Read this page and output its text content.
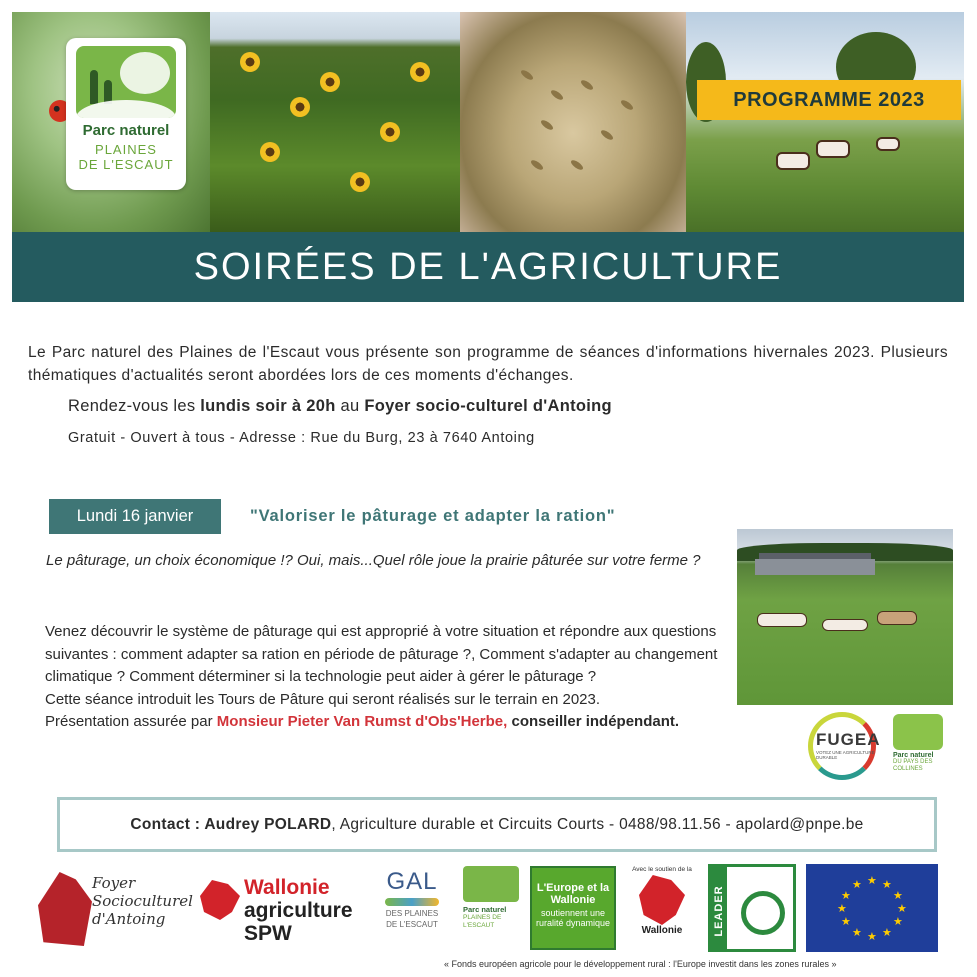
Parc naturel
PLAINES
DE L'ESCAUT
PROGRAMME 2023
SOIRÉES DE L'AGRICULTURE

Le Parc naturel des Plaines de l'Escaut vous présente son programme de séances d'informations hivernales 2023. Plusieurs thématiques d'actualités seront abordées lors de ces moments d'échanges.

Rendez-vous les lundis soir à 20h au Foyer socio-culturel d'Antoing

Gratuit - Ouvert à tous - Adresse : Rue du Burg, 23 à 7640 Antoing

Lundi 16 janvier	"Valoriser le pâturage et adapter la ration"

Le pâturage, un choix économique !? Oui, mais...Quel rôle joue la prairie pâturée sur votre ferme ?

Venez découvrir le système de pâturage qui est approprié à votre situation et répondre aux questions suivantes : comment adapter sa ration en période de pâturage ?, Comment s'adapter au changement climatique ? Comment déterminer si la technologie peut aider à gérer le pâturage ?

Cette séance introduit les Tours de Pâture qui seront réalisés sur le terrain en 2023.

Présentation assurée par Monsieur Pieter Van Rumst d'Obs'Herbe, conseiller indépendant.

FUGEA
VOTEZ UNE AGRICULTURE DURABLE	Parc naturel
DU PAYS DES COLLINES
Contact : Audrey POLARD, Agriculture durable et Circuits Courts - 0488/98.11.56 - apolard@pnpe.be
Foyer Socioculturel d'Antoing
Wallonie
agriculture
SPW
GAL
DES PLAINES DE L'ESCAUT
Parc naturel
PLAINES DE L'ESCAUT
L'Europe et la Wallonie
soutiennent une ruralité dynamique
Avec le soutien de la
Wallonie	LEADER
★ ★
★
★
★
★
★
★
★
★
★
★
« Fonds européen agricole pour le développement rural : l'Europe investit dans les zones rurales »
